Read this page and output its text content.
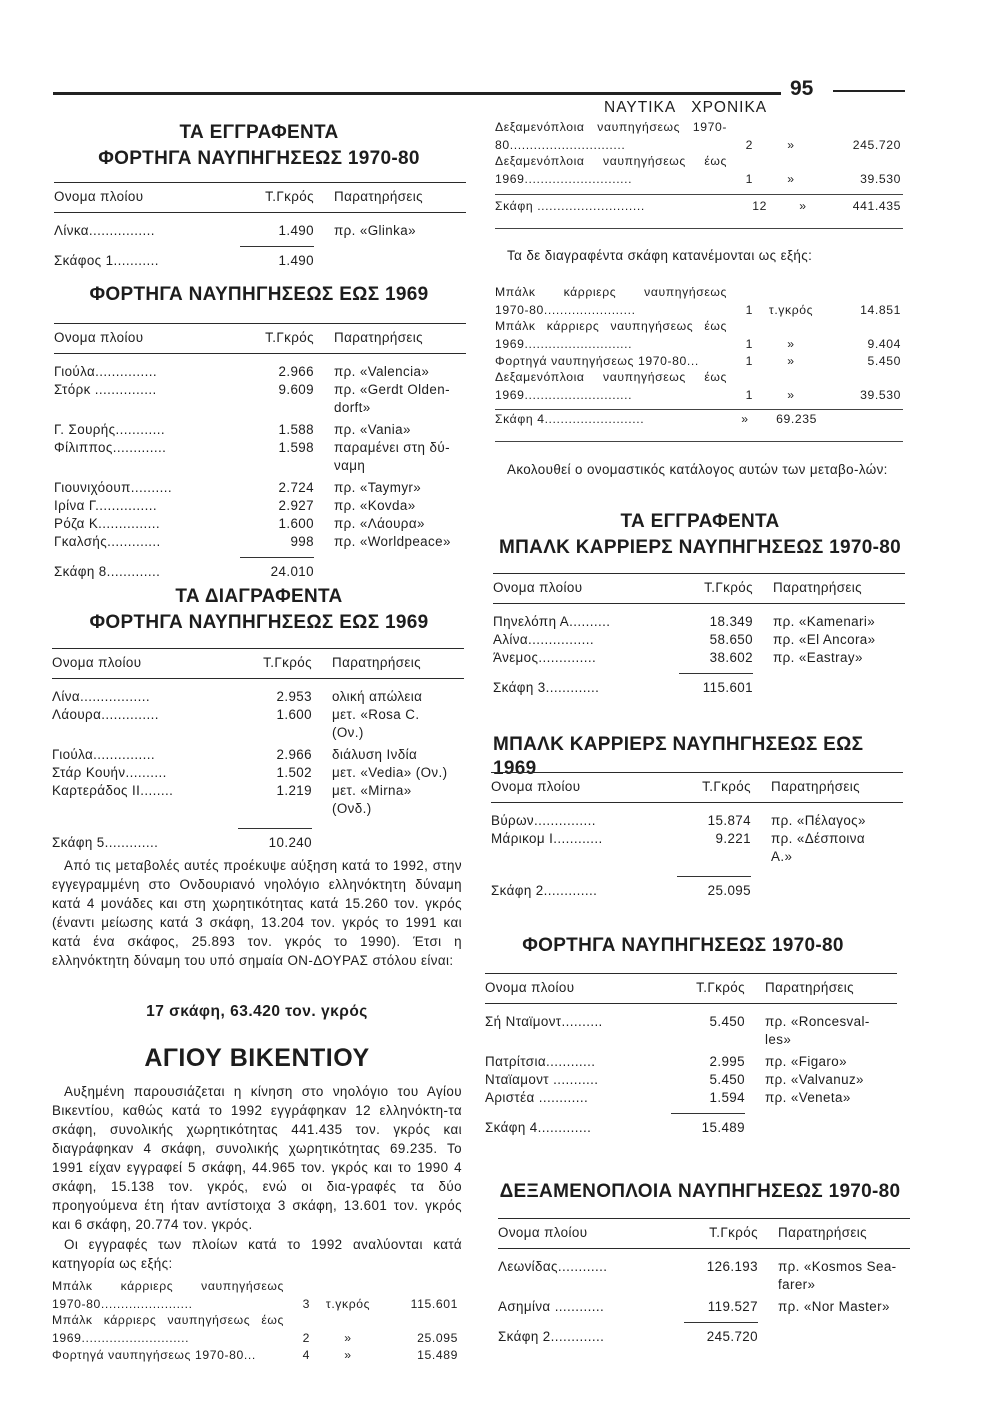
95
ΝΑΥΤΙΚΑ   ΧΡΟΝΙΚΑ
ΤΑ ΕΓΓΡΑΦΕΝΤΑ
ΦΟΡΤΗΓΑ ΝΑΥΠΗΓΗΣΕΩΣ 1970-80
Ονομα πλοίου	Τ.Γκρός Παρατηρήσεις
Λίνκα................	1.490 πρ. «Glinka»
Σκάφος 1...........	1.490
ΦΟΡΤΗΓΑ ΝΑΥΠΗΓΗΣΕΩΣ ΕΩΣ 1969
Ονομα πλοίου	Τ.Γκρός Παρατηρήσεις
Γιούλα...............	2.966 πρ. «Valencia»
Στόρκ ...............	9.609 πρ. «Gerdt Olden-
dorft»
Γ. Σουρής............	1.588 πρ. «Vania»
Φίλιππος.............	1.598 παραμένει στη δύ-
ναμη
Γιουνιχόουπ..........	2.724 πρ. «Taymyr»
Ιρίνα Γ...............	2.927 πρ. «Kovda»
Ρόζα Κ...............	1.600 πρ. «Λάουρα»
Γκαλσής.............	998 πρ. «Worldpeace»
Σκάφη 8.............	24.010
ΤΑ ΔΙΑΓΡΑΦΕΝΤΑ
ΦΟΡΤΗΓΑ ΝΑΥΠΗΓΗΣΕΩΣ ΕΩΣ 1969
Ονομα πλοίου	Τ.Γκρός Παρατηρήσεις
Λίνα.................	2.953 ολική απώλεια
Λάουρα..............	1.600 μετ. «Rosa C.
(Ον.)
Γιούλα...............	2.966 διάλυση Ινδία
Στάρ Κουήν..........	1.502 μετ. «Vedia» (Ον.)
Καρτεράδος ΙΙ........	1.219 μετ. «Mirna»
(Ονδ.)
Σκάφη 5.............	10.240
Από τις μεταβολές αυτές προέκυψε αύξηση κατά το 1992, στην εγγεγραμμένη στο Ονδουριανό νηολόγιο ελληνόκτητη δύναμη κατά 4 μονάδες και στη χωρητικότητας κατά 15.260 τον. γκρός (έναντι μείωσης κατά 3 σκάφη, 13.204 τον. γκρός το 1991 και κατά ένα σκάφος, 25.893 τον. γκρός το 1990). Έτσι η ελληνόκτητη δύναμη του υπό σημαία ΟΝ-ΔΟΥΡΑΣ στόλου είναι:
17 σκάφη, 63.420 τον. γκρός
ΑΓΙΟΥ ΒΙΚΕΝΤΙΟΥ
Αυξημένη παρουσιάζεται η κίνηση στο νηολόγιο του Αγίου Βικεντίου, καθώς κατά το 1992 εγγράφηκαν 12 ελληνόκτη-τα σκάφη, συνολικής χωρητικότητας 441.435 τον. γκρός και διαγράφηκαν 4 σκάφη, συνολικής χωρητικότητας 69.235. Το 1991 είχαν εγγραφεί 5 σκάφη, 44.965 τον. γκρός και το 1990 4 σκάφη, 15.138 τον. γκρός, ενώ οι δια-γραφές τα δύο προηγούμενα έτη ήταν αντίστοιχα 3 σκάφη, 13.601 τον. γκρός και 6 σκάφη, 20.774 τον. γκρός.
Οι εγγραφές των πλοίων κατά το 1992 αναλύονται κατά κατηγορία ως εξής:
Μπάλκ κάρριερς ναυπηγήσεως
1970-80.......................	3	τ.γκρός	115.601
Μπάλκ κάρριερς ναυπηγήσεως έως
1969...........................	2	»	25.095
Φορτηγά ναυπηγήσεως 1970-80...	4	»	15.489
Δεξαμενόπλοια ναυπηγήσεως 1970-
80.............................	2	»	245.720
Δεξαμενόπλοια ναυπηγήσεως έως
1969...........................	1	»	39.530
Σκάφη ...........................	12	»	441.435
Τα δε διαγραφέντα σκάφη κατανέμονται ως εξής:
Μπάλκ κάρριερς ναυπηγήσεως
1970-80.......................	1	τ.γκρός	14.851
Μπάλκ κάρριερς ναυπηγήσεως έως
1969...........................	1	»	9.404
Φορτηγά ναυπηγήσεως 1970-80...	1	»	5.450
Δεξαμενόπλοια ναυπηγήσεως έως
1969...........................	1	»	39.530
Σκάφη 4.........................	»	69.235
Ακολουθεί ο ονομαστικός κατάλογος αυτών των μεταβο-λών:
ΤΑ ΕΓΓΡΑΦΕΝΤΑ
ΜΠΑΛΚ ΚΑΡΡΙΕΡΣ ΝΑΥΠΗΓΗΣΕΩΣ 1970-80
Ονομα πλοίου	Τ.Γκρός Παρατηρήσεις
Πηνελόπη Α..........	18.349 πρ. «Kamenari»
Αλίνα................	58.650 πρ. «El Ancora»
Άνεμος..............	38.602 πρ. «Eastray»
Σκάφη 3.............	115.601
ΜΠΑΛΚ ΚΑΡΡΙΕΡΣ ΝΑΥΠΗΓΗΣΕΩΣ ΕΩΣ 1969
Ονομα πλοίου	Τ.Γκρός Παρατηρήσεις
Βύρων...............	15.874 πρ. «Πέλαγος»
Μάρικομ Ι............	9.221 πρ. «Δέσποινα
Α.»
Σκάφη 2.............	25.095
ΦΟΡΤΗΓΑ ΝΑΥΠΗΓΗΣΕΩΣ 1970-80
Ονομα πλοίου	Τ.Γκρός Παρατηρήσεις
Σή Νταϊμοντ..........	5.450 πρ. «Roncesval-
les»
Πατρίτσια............	2.995 πρ. «Figaro»
Νταϊαμοντ ...........	5.450 πρ. «Valvanuz»
Αριστέα ............	1.594 πρ. «Veneta»
Σκάφη 4.............	15.489
ΔΕΞΑΜΕΝΟΠΛΟΙΑ ΝΑΥΠΗΓΗΣΕΩΣ 1970-80
Ονομα πλοίου	Τ.Γκρός Παρατηρήσεις
Λεωνίδας............	126.193 πρ. «Kosmos Sea-
farer»
Ασημίνα ............	119.527 πρ. «Nor Master»
Σκάφη 2.............	245.720
